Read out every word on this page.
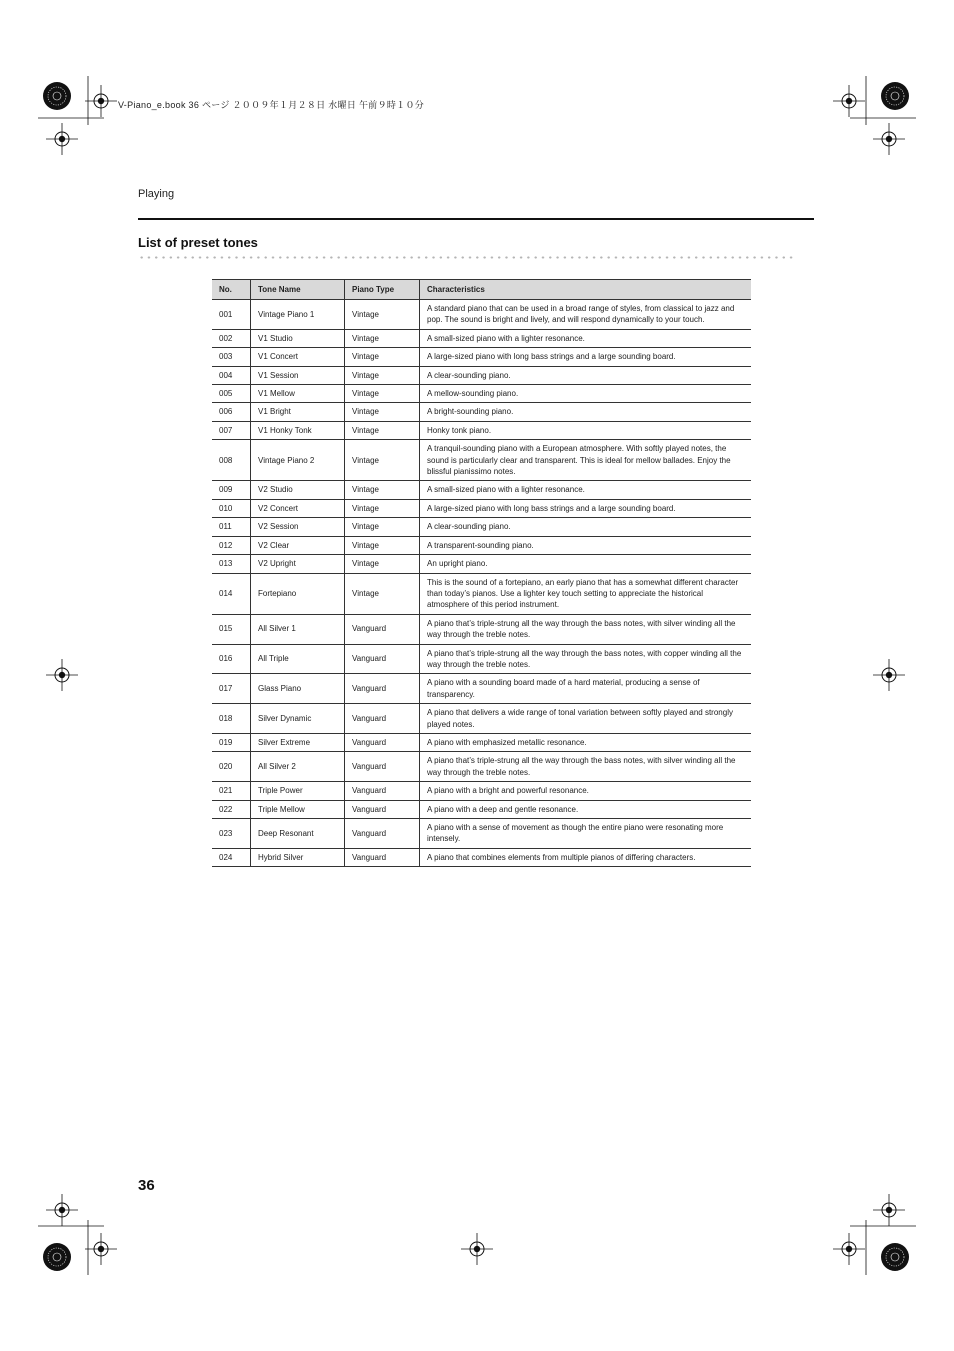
V-Piano_e.book 36 ページ ２００９年１月２８日 水曜日 午前９時１０分
Playing
List of preset tones
No.	Tone Name	Piano Type	Characteristics
001	Vintage Piano 1	Vintage	A standard piano that can be used in a broad range of styles, from classical to jazz and pop. The sound is bright and lively, and will respond dynamically to your touch.
002	V1 Studio	Vintage	A small-sized piano with a lighter resonance.
003	V1 Concert	Vintage	A large-sized piano with long bass strings and a large sounding board.
004	V1 Session	Vintage	A clear-sounding piano.
005	V1 Mellow	Vintage	A mellow-sounding piano.
006	V1 Bright	Vintage	A bright-sounding piano.
007	V1 Honky Tonk	Vintage	Honky tonk piano.
008	Vintage Piano 2	Vintage	A tranquil-sounding piano with a European atmosphere. With softly played notes, the sound is particularly clear and transparent. This is ideal for mellow ballades. Enjoy the blissful pianissimo notes.
009	V2 Studio	Vintage	A small-sized piano with a lighter resonance.
010	V2 Concert	Vintage	A large-sized piano with long bass strings and a large sounding board.
011	V2 Session	Vintage	A clear-sounding piano.
012	V2 Clear	Vintage	A transparent-sounding piano.
013	V2 Upright	Vintage	An upright piano.
014	Fortepiano	Vintage	This is the sound of a fortepiano, an early piano that has a somewhat different character than today’s pianos. Use a lighter key touch setting to appreciate the historical atmosphere of this period instrument.
015	All Silver 1	Vanguard	A piano that’s triple-strung all the way through the bass notes, with silver winding all the way through the treble notes.
016	All Triple	Vanguard	A piano that’s triple-strung all the way through the bass notes, with copper winding all the way through the treble notes.
017	Glass Piano	Vanguard	A piano with a sounding board made of a hard material, producing a sense of transparency.
018	Silver Dynamic	Vanguard	A piano that delivers a wide range of tonal variation between softly played and strongly played notes.
019	Silver Extreme	Vanguard	A piano with emphasized metallic resonance.
020	All Silver 2	Vanguard	A piano that’s triple-strung all the way through the bass notes, with silver winding all the way through the treble notes.
021	Triple Power	Vanguard	A piano with a bright and powerful resonance.
022	Triple Mellow	Vanguard	A piano with a deep and gentle resonance.
023	Deep Resonant	Vanguard	A piano with a sense of movement as though the entire piano were resonating more intensely.
024	Hybrid Silver	Vanguard	A piano that combines elements from multiple pianos of differing characters.
36
